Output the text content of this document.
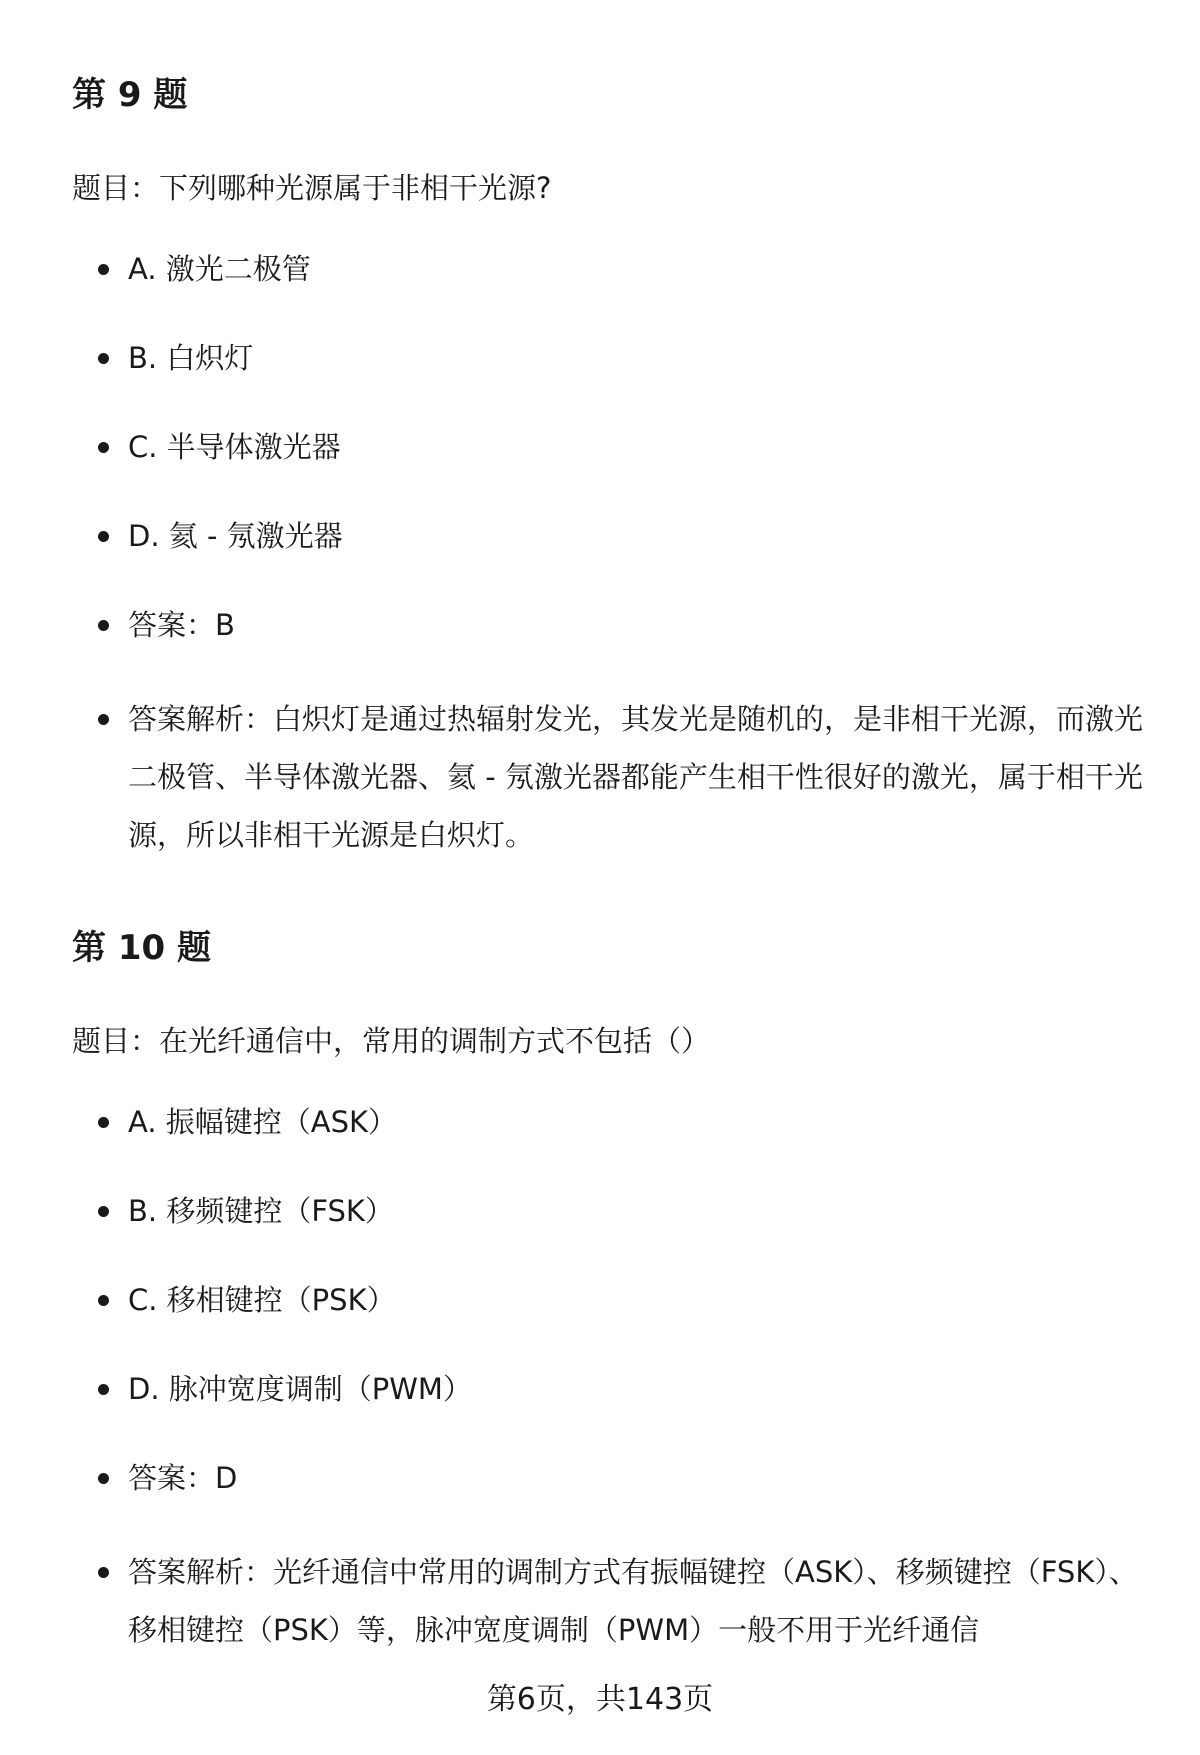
第 9 题

题目：下列哪种光源属于非相干光源?

A. 激光二极管
B. 白炽灯
C. 半导体激光器
D. 氦 - 氖激光器
答案：B
答案解析：白炽灯是通过热辐射发光，其发光是随机的，是非相干光源，而激光二极管、半导体激光器、氦 - 氖激光器都能产生相干性很好的激光，属于相干光源，所以非相干光源是白炽灯。
第 10 题

题目：在光纤通信中，常用的调制方式不包括（）

A. 振幅键控（ASK）
B. 移频键控（FSK）
C. 移相键控（PSK）
D. 脉冲宽度调制（PWM）
答案：D
答案解析：光纤通信中常用的调制方式有振幅键控（ASK）、移频键控（FSK）、移相键控（PSK）等，脉冲宽度调制（PWM）一般不用于光纤通信
第6页，共143页
